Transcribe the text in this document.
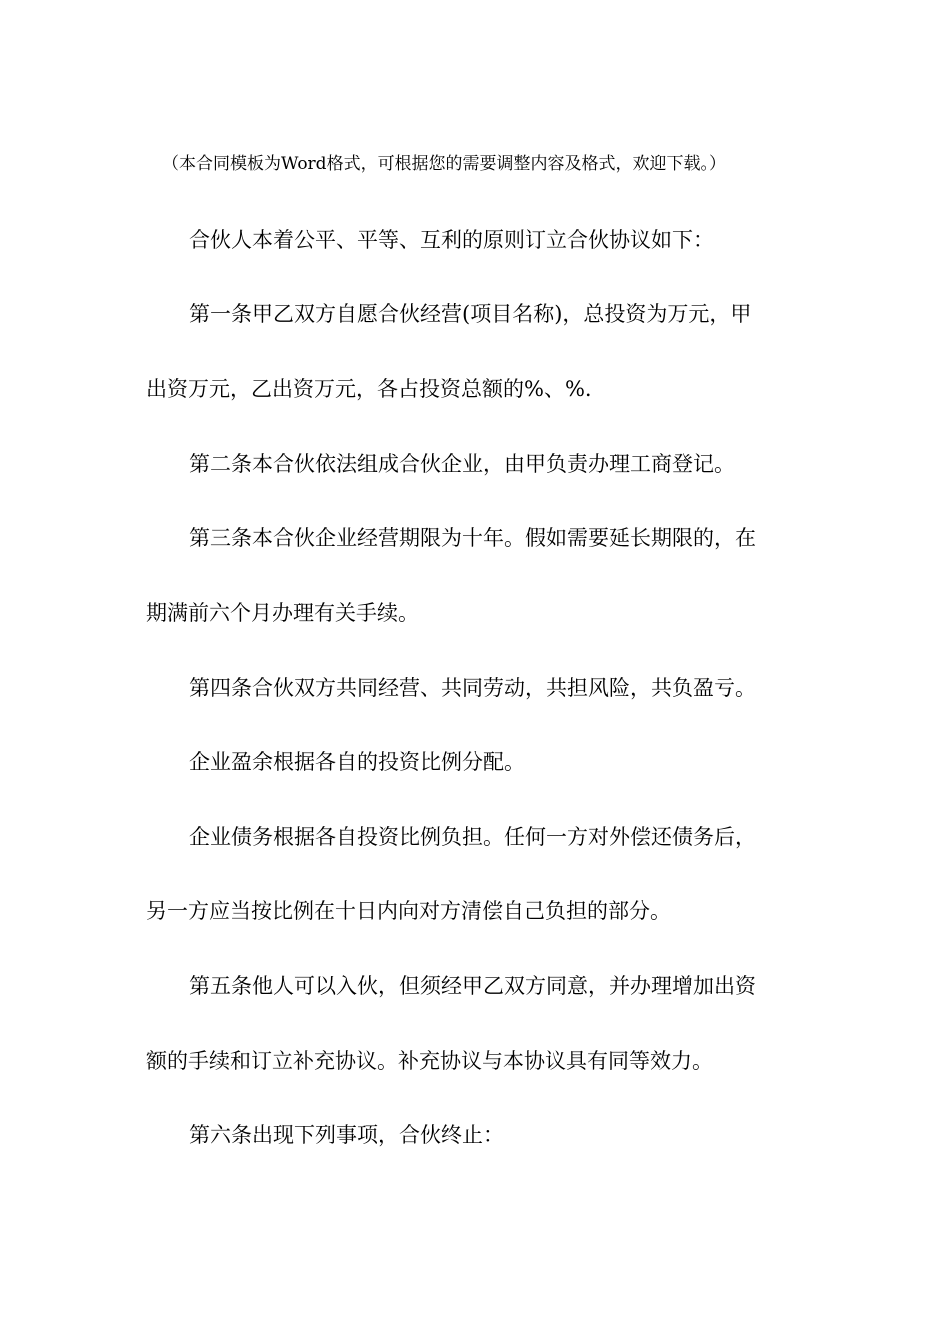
（本合同模板为Word格式，可根据您的需要调整内容及格式，欢迎下载。）
合伙人本着公平、平等、互利的原则订立合伙协议如下：
第一条甲乙双方自愿合伙经营(项目名称)，总投资为万元，甲
出资万元，乙出资万元，各占投资总额的%、%.
第二条本合伙依法组成合伙企业，由甲负责办理工商登记。
第三条本合伙企业经营期限为十年。假如需要延长期限的，在
期满前六个月办理有关手续。
第四条合伙双方共同经营、共同劳动，共担风险，共负盈亏。
企业盈余根据各自的投资比例分配。
企业债务根据各自投资比例负担。任何一方对外偿还债务后，
另一方应当按比例在十日内向对方清偿自己负担的部分。
第五条他人可以入伙，但须经甲乙双方同意，并办理增加出资
额的手续和订立补充协议。补充协议与本协议具有同等效力。
第六条出现下列事项，合伙终止：
